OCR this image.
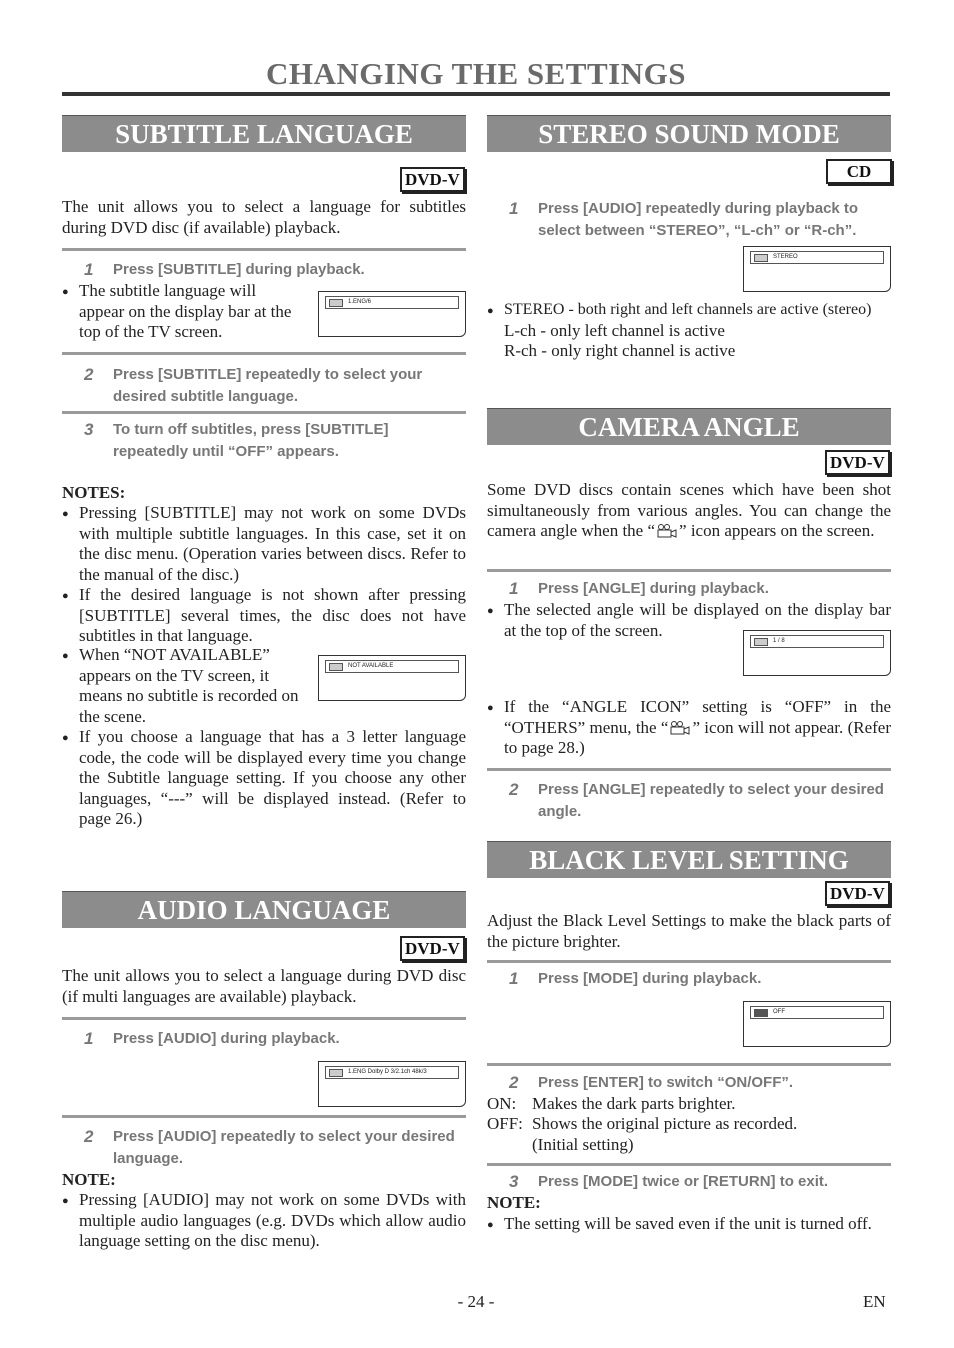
CHANGING THE SETTINGS
SUBTITLE LANGUAGE
DVD-V
The unit allows you to select a language for subtitles during DVD disc (if available) playback.
1 Press [SUBTITLE] during playback.
● The subtitle language will appear on the display bar at the top of the TV screen.
1.ENG/6
2 Press [SUBTITLE] repeatedly to select your desired subtitle language.
3 To turn off subtitles, press [SUBTITLE] repeatedly until “OFF” appears.
NOTES:
● Pressing [SUBTITLE] may not work on some DVDs with multiple subtitle languages. In this case, set it on the disc menu. (Operation varies between discs. Refer to the manual of the disc.)
● If the desired language is not shown after pressing [SUBTITLE] several times, the disc does not have subtitles in that language.
● When “NOT AVAILABLE” appears on the TV screen, it means no subtitle is recorded on the scene.
NOT AVAILABLE
● If you choose a language that has a 3 letter language code, the code will be displayed every time you change the Subtitle language setting. If you choose any other languages, “---” will be displayed instead. (Refer to page 26.)
AUDIO LANGUAGE
DVD-V
The unit allows you to select a language during DVD disc (if multi languages are available) playback.
1 Press [AUDIO] during playback.
1.ENG Dolby D 3/2.1ch 48k/3
2 Press [AUDIO] repeatedly to select your desired language.
NOTE:
● Pressing [AUDIO] may not work on some DVDs with multiple audio languages (e.g. DVDs which allow audio language setting on the disc menu).
STEREO SOUND MODE
CD
1 Press [AUDIO] repeatedly during playback to select between “STEREO”, “L-ch” or “R-ch”.
STEREO
● STEREO - both right and left channels are active (stereo)
L-ch - only left channel is active
R-ch - only right channel is active
CAMERA ANGLE
DVD-V
Some DVD discs contain scenes which have been shot simultaneously from various angles. You can change the camera angle when the “ ” icon appears on the screen.
1 Press [ANGLE] during playback.
● The selected angle will be displayed on the display bar at the top of the screen.
1 / 8
● If the “ANGLE ICON” setting is “OFF” in the “OTHERS” menu, the “ ” icon will not appear. (Refer to page 28.)
2 Press [ANGLE] repeatedly to select your desired angle.
BLACK LEVEL SETTING
DVD-V
Adjust the Black Level Settings to make the black parts of the picture brighter.
1 Press [MODE] during playback.
OFF
2 Press [ENTER] to switch “ON/OFF”.
ON: Makes the dark parts brighter.
OFF: Shows the original picture as recorded.
(Initial setting)
3 Press [MODE] twice or [RETURN] to exit.
NOTE:
● The setting will be saved even if the unit is turned off.
- 24 -	EN
